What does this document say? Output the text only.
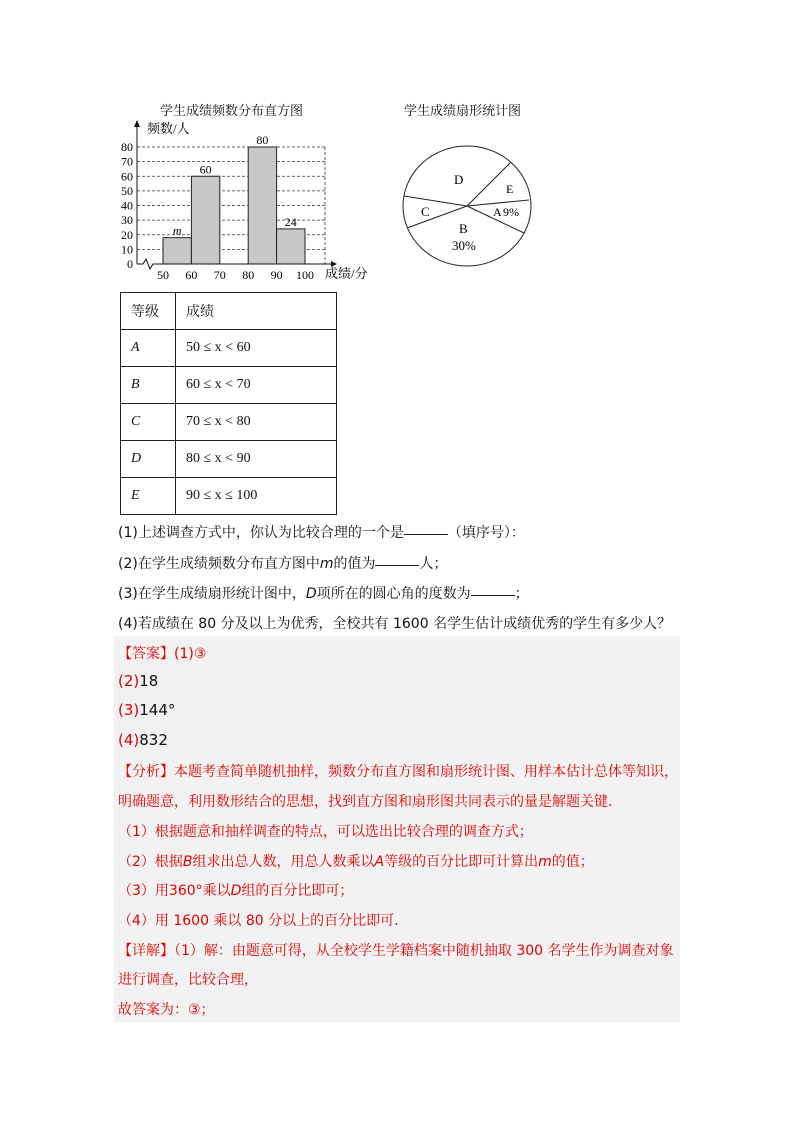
学生成绩频数分布直方图
m
60
80
24
0
10
20
30
40
50
60
70
80
50 60 70 80 90 100
频数/人
成绩/分
学生成绩扇形统计图
D
E
A 9%
C
B
30%
等级	成绩
A	50 ≤ x < 60
B	60 ≤ x < 70
C	70 ≤ x < 80
D	80 ≤ x < 90
E	90 ≤ x ≤ 100
(1)上述调查方式中，你认为比较合理的一个是	（填序号）：
(2)在学生成绩频数分布直方图中m的值为	人；
(3)在学生成绩扇形统计图中，D项所在的圆心角的度数为	；
(4)若成绩在 80 分及以上为优秀，全校共有 1600 名学生估计成绩优秀的学生有多少人？
【答案】(1)③
(2)18
(3)144°
(4)832
【分析】本题考查简单随机抽样，频数分布直方图和扇形统计图、用样本估计总体等知识，
明确题意，利用数形结合的思想，找到直方图和扇形图共同表示的量是解题关键.
（1）根据题意和抽样调查的特点，可以选出比较合理的调查方式；
（2）根据B组求出总人数，用总人数乘以A等级的百分比即可计算出m的值；
（3）用360°乘以D组的百分比即可；
（4）用 1600 乘以 80 分以上的百分比即可.
【详解】（1）解：由题意可得，从全校学生学籍档案中随机抽取 300 名学生作为调查对象
进行调查，比较合理，
故答案为：③；
